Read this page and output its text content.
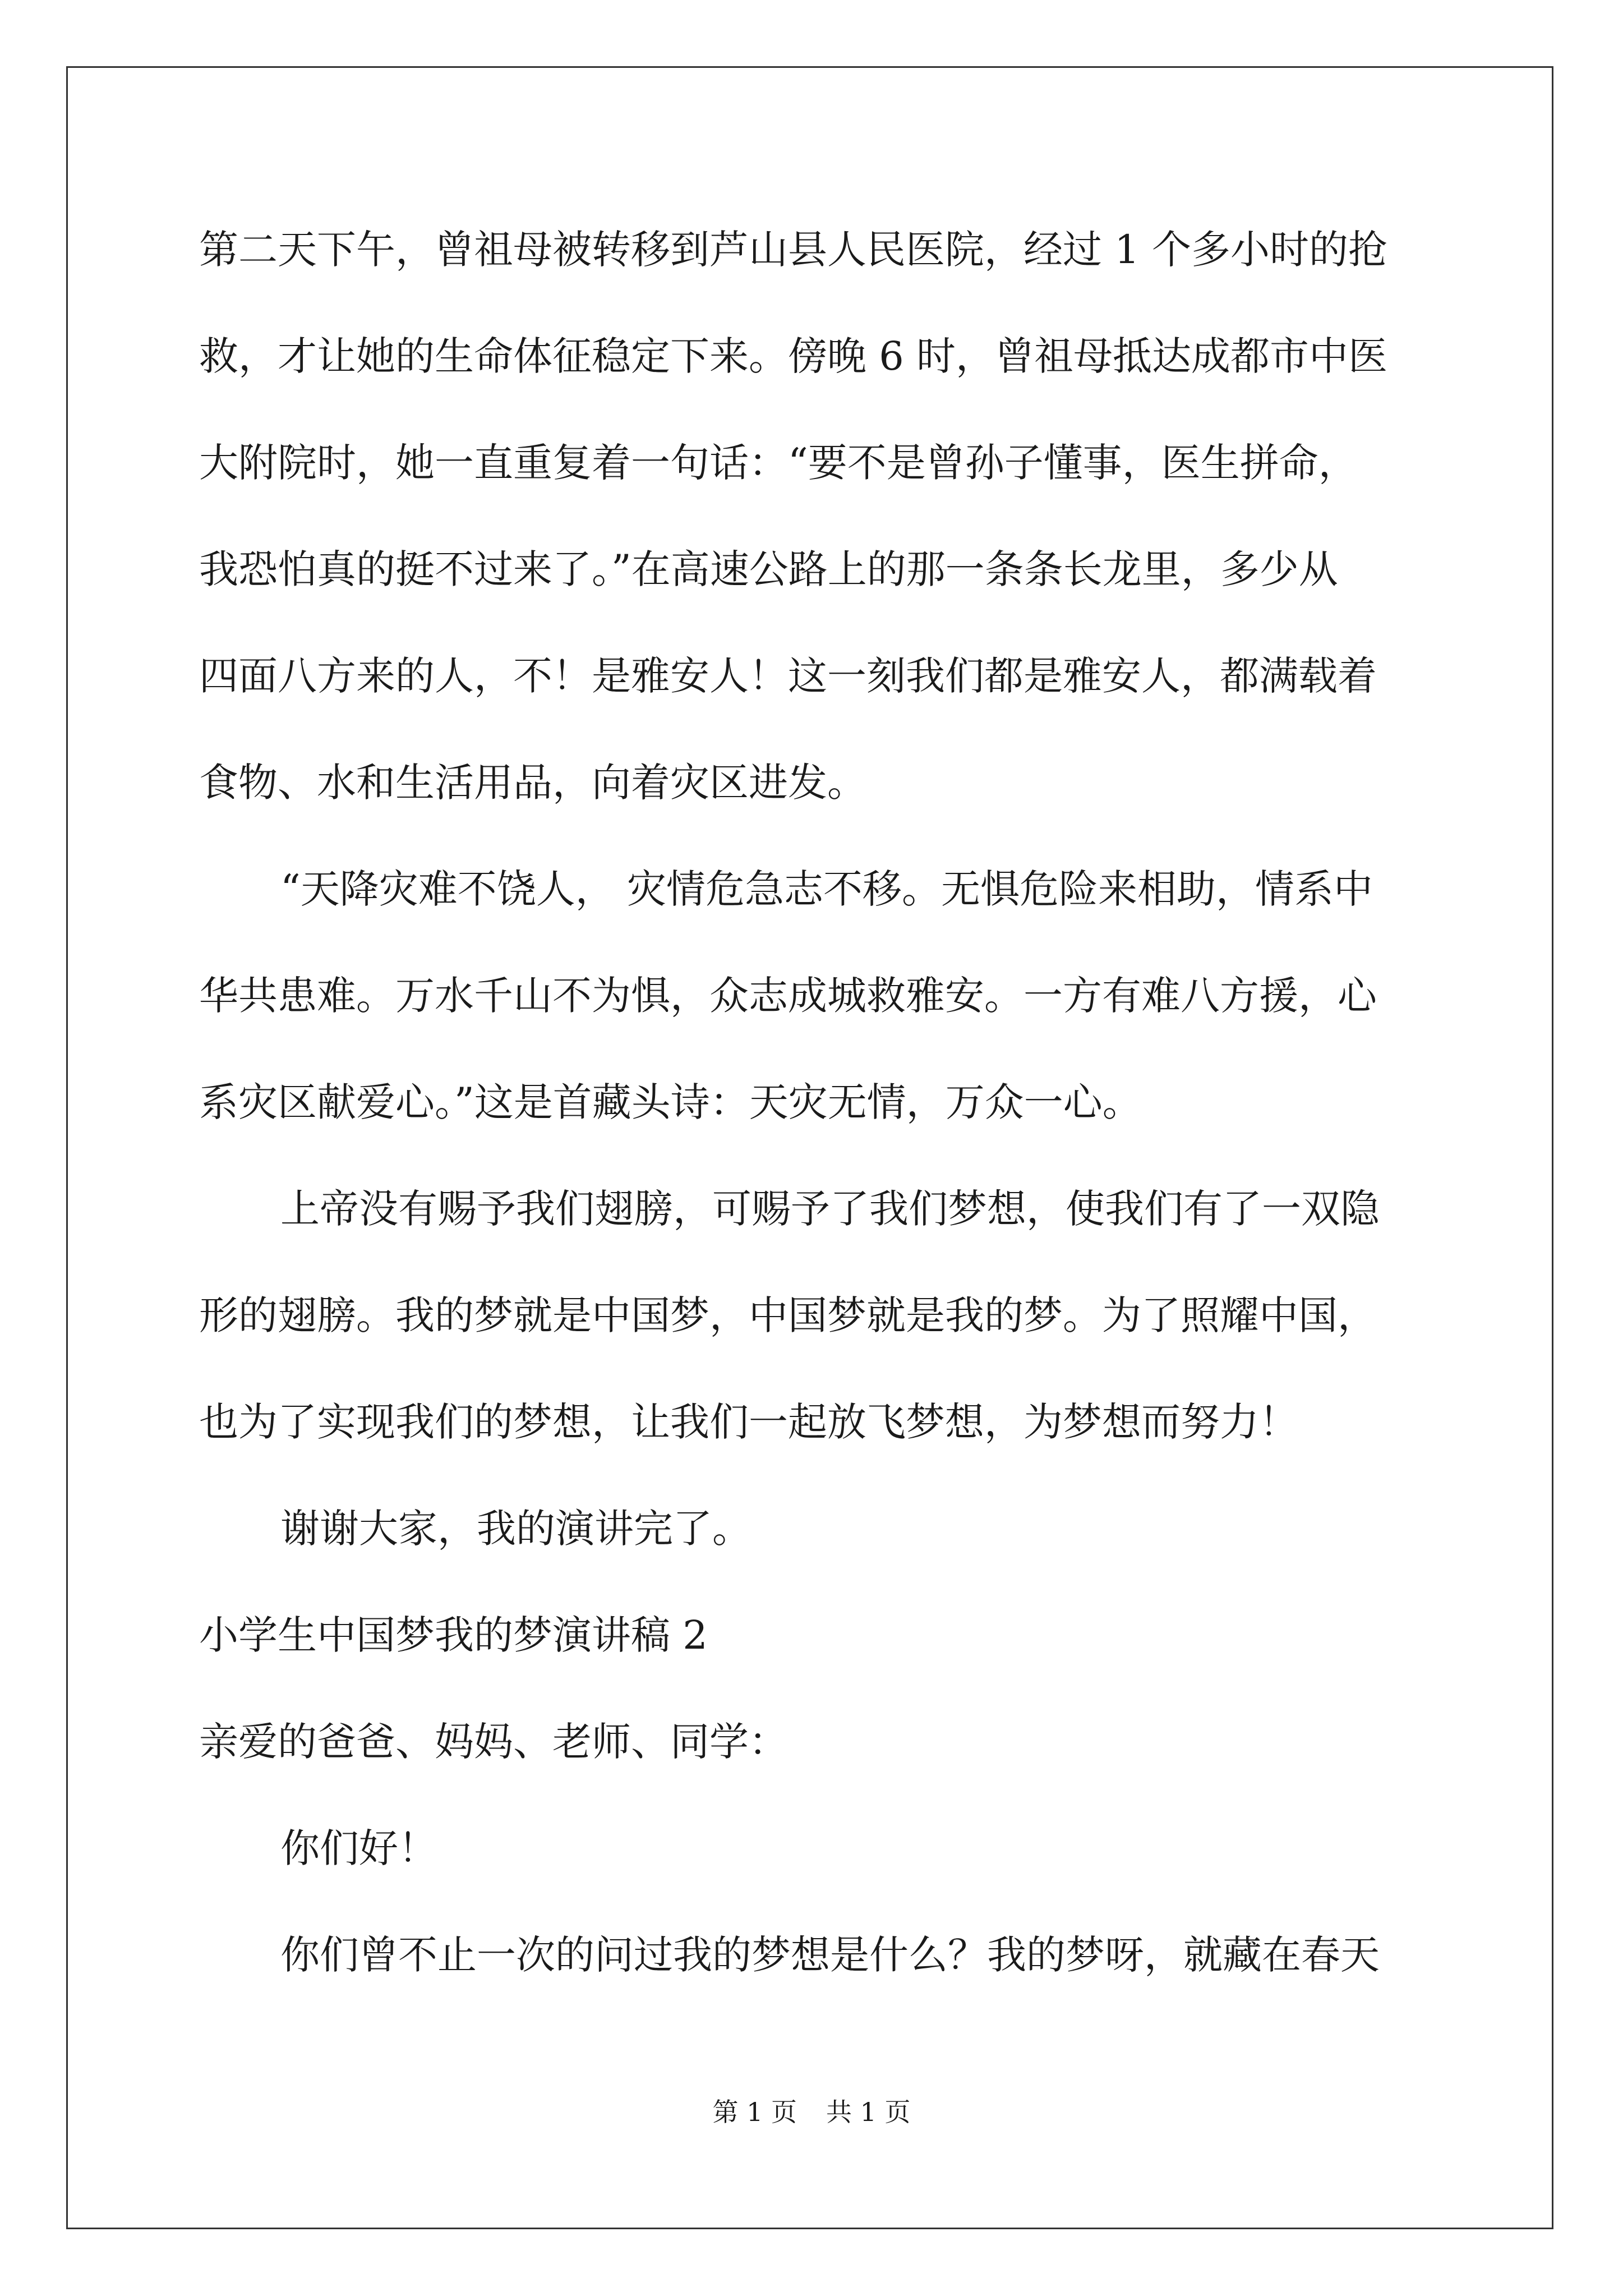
第二天下午，曾祖母被转移到芦山县人民医院，经过 1 个多小时的抢

救，才让她的生命体征稳定下来。傍晚 6 时，曾祖母抵达成都市中医

大附院时，她一直重复着一句话：“要不是曾孙子懂事，医生拼命，

我恐怕真的挺不过来了。”在高速公路上的那一条条长龙里，多少从

四面八方来的人，不！是雅安人！这一刻我们都是雅安人，都满载着

食物、水和生活用品，向着灾区进发。

“天降灾难不饶人， 灾情危急志不移。无惧危险来相助，情系中

华共患难。万水千山不为惧，众志成城救雅安。一方有难八方援，心

系灾区献爱心。”这是首藏头诗：天灾无情，万众一心。

上帝没有赐予我们翅膀，可赐予了我们梦想，使我们有了一双隐

形的翅膀。我的梦就是中国梦，中国梦就是我的梦。为了照耀中国，

也为了实现我们的梦想，让我们一起放飞梦想，为梦想而努力！

谢谢大家，我的演讲完了。

小学生中国梦我的梦演讲稿 2

亲爱的爸爸、妈妈、老师、同学：

你们好！

你们曾不止一次的问过我的梦想是什么？我的梦呀，就藏在春天

第 1 页 共 1 页
